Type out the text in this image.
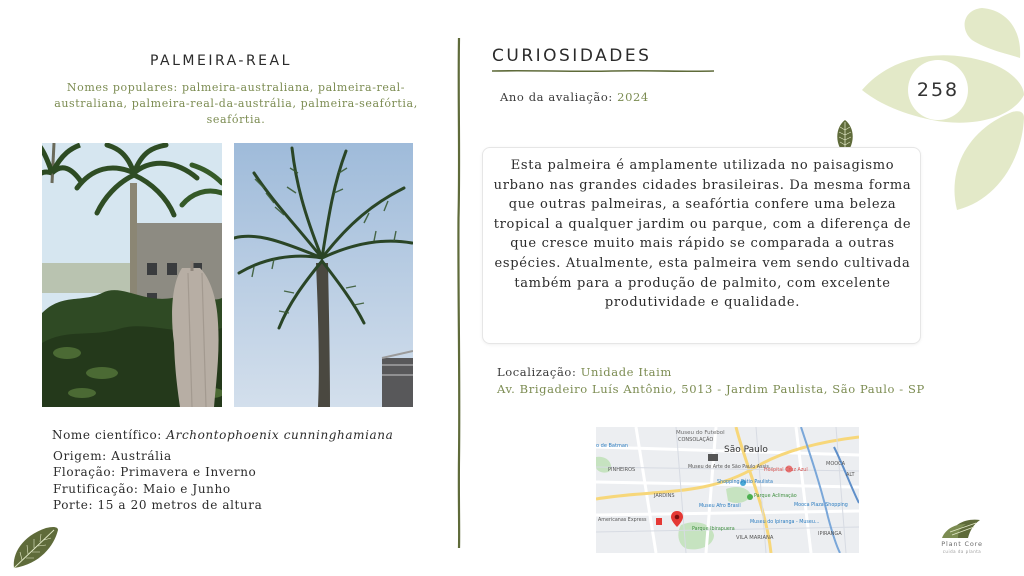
258
PALMEIRA-REAL
Nomes populares: palmeira-australiana, palmeira-real-australiana, palmeira-real-da-austrália, palmeira-seafórtia, seafórtia.
Nome científico: Archontophoenix cunninghamiana
Origem: Austrália
Floração: Primavera e Inverno
Frutificação: Maio e Junho
Porte: 15 a 20 metros de altura
CURIOSIDADES
Ano da avaliação: 2024
Esta palmeira é amplamente utilizada no paisagismo urbano nas grandes cidades brasileiras. Da mesma forma que outras palmeiras, a seafórtia confere uma beleza tropical a qualquer jardim ou parque, com a diferença de que cresce muito mais rápido se comparada a outras espécies. Atualmente, esta palmeira vem sendo cultivada também para a produção de palmito, com excelente produtividade e qualidade.
Localização: Unidade Itaim
Av. Brigadeiro Luís Antônio, 5013 - Jardim Paulista, São Paulo - SP
Museu do Futebol
CONSOLAÇÃO
São Paulo
o de Batman
PINHEIROS	Museu de Arte de São Paulo Assis...
Hospital Cruz Azul
MOOCA
ALT
Shopping Pátio Paulista
JARDINS	Parque Aclimação
Museu Afro Brasil	Mooca Plaza Shopping
Americanas Express
Parque Ibirapuera
Museu do Ipiranga - Museu...
VILA MARIANA
IPIRANGA
Plant Core
cuida da planta
